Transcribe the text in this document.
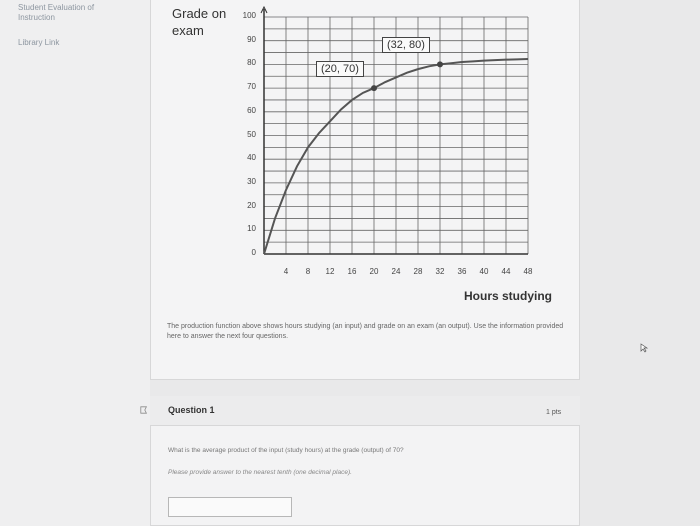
Student Evaluation of Instruction
Library Link
Grade on exam
0
10
20
30
40
50
60
70
80
90
100
4	8	12	16	20	24	28	32	36	40	44	48
(20, 70)
(32, 80)
Hours studying
The production function above shows hours studying (an input) and grade on an exam (an output). Use the information provided here to answer the next four questions.
Question 1	1 pts
What is the average product of the input (study hours) at the grade (output) of 70?
Please provide answer to the nearest tenth (one decimal place).
